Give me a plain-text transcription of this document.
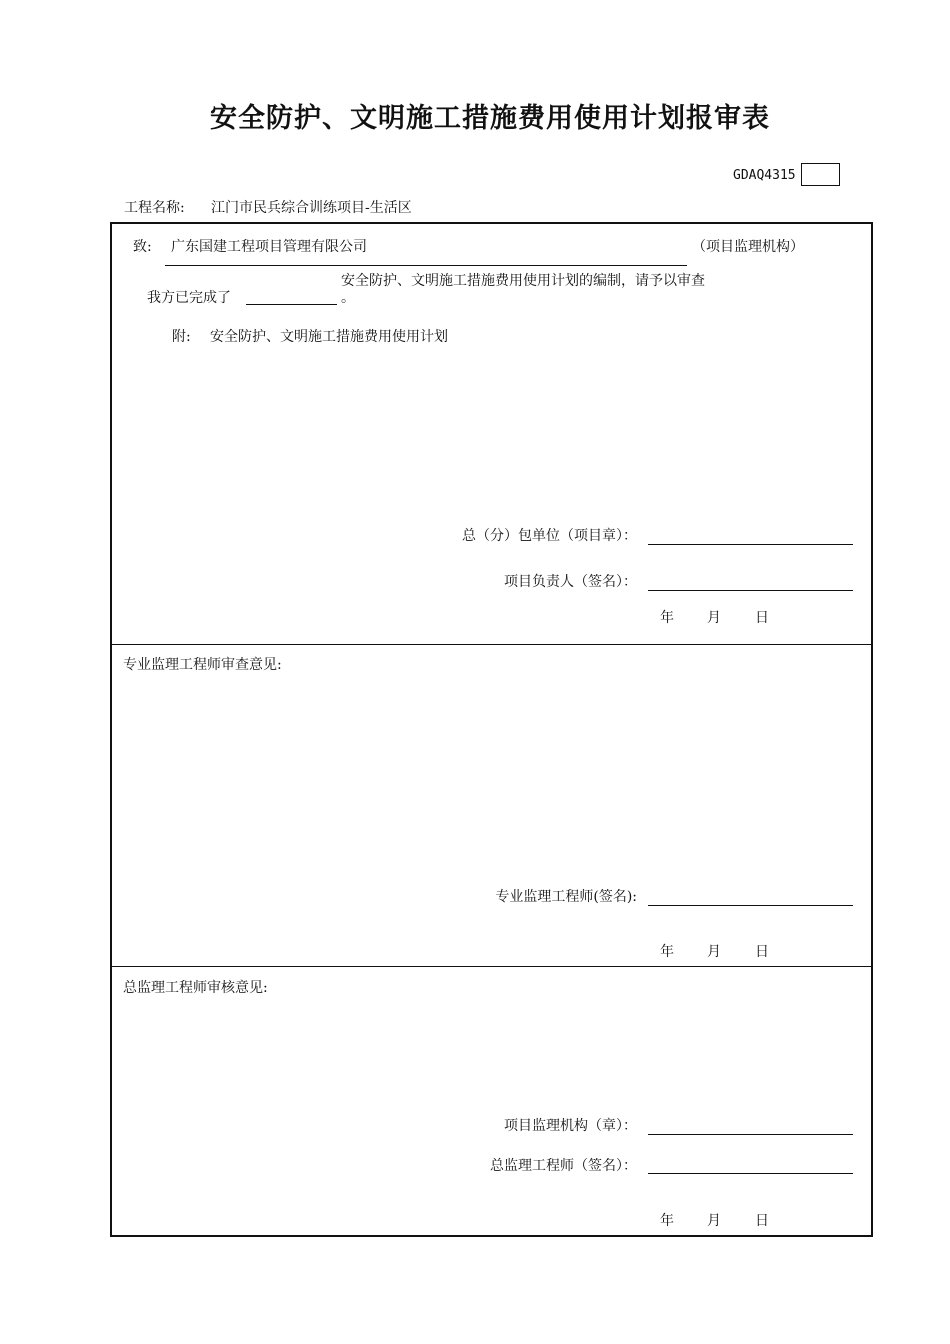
安全防护、文明施工措施费用使用计划报审表
GDAQ4315
工程名称: 江门市民兵综合训练项目-生活区
致: 广东国建工程项目管理有限公司	（项目监理机构）
安全防护、文明施工措施费用使用计划的编制，请予以审查
我方已完成了	。
附: 安全防护、文明施工措施费用使用计划
总（分）包单位（项目章）：
项目负责人（签名）：
年 月 日
专业监理工程师审查意见:
专业监理工程师(签名):
年 月 日
总监理工程师审核意见:
项目监理机构（章）：
总监理工程师（签名）：
年 月 日
